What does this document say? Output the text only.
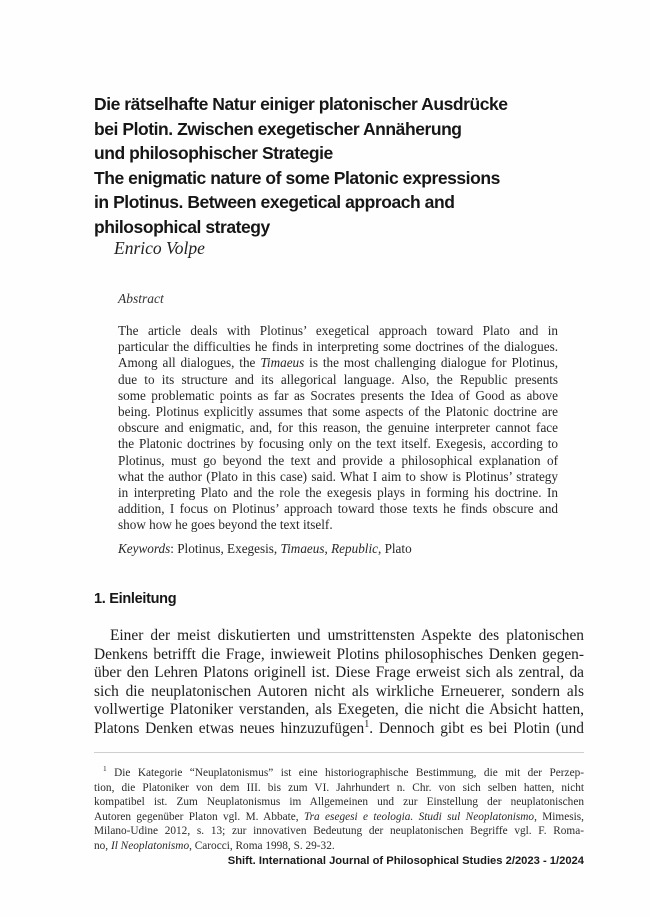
Die rätselhafte Natur einiger platonischer Ausdrücke
bei Plotin. Zwischen exegetischer Annäherung
und philosophischer Strategie
The enigmatic nature of some Platonic expressions
in Plotinus. Between exegetical approach and
philosophical strategy
Enrico Volpe
Abstract
The article deals with Plotinus’ exegetical approach toward Plato and in
particular the difficulties he finds in interpreting some doctrines of the dialogues.
Among all dialogues, the Timaeus is the most challenging dialogue for Plotinus,
due to its structure and its allegorical language. Also, the Republic presents
some problematic points as far as Socrates presents the Idea of Good as above
being. Plotinus explicitly assumes that some aspects of the Platonic doctrine are
obscure and enigmatic, and, for this reason, the genuine interpreter cannot face
the Platonic doctrines by focusing only on the text itself. Exegesis, according to
Plotinus, must go beyond the text and provide a philosophical explanation of
what the author (Plato in this case) said. What I aim to show is Plotinus’ strategy
in interpreting Plato and the role the exegesis plays in forming his doctrine. In
addition, I focus on Plotinus’ approach toward those texts he finds obscure and
show how he goes beyond the text itself.
Keywords: Plotinus, Exegesis, Timaeus, Republic, Plato
1. Einleitung
Einer der meist diskutierten und umstrittensten Aspekte des platonischen
Denkens betrifft die Frage, inwieweit Plotins philosophisches Denken gegen-
über den Lehren Platons originell ist. Diese Frage erweist sich als zentral, da
sich die neuplatonischen Autoren nicht als wirkliche Erneuerer, sondern als
vollwertige Platoniker verstanden, als Exegeten, die nicht die Absicht hatten,
Platons Denken etwas neues hinzuzufügen$^1$. Dennoch gibt es bei Plotin (und
$^1$ Die Kategorie “Neuplatonismus” ist eine historiographische Bestimmung, die mit der Perzep-
tion, die Platoniker von dem III. bis zum VI. Jahrhundert n. Chr. von sich selben hatten, nicht
kompatibel ist. Zum Neuplatonismus im Allgemeinen und zur Einstellung der neuplatonischen
Autoren gegenüber Platon vgl. M. Abbate, Tra esegesi e teologia. Studi sul Neoplatonismo, Mimesis,
Milano-Udine 2012, s. 13; zur innovativen Bedeutung der neuplatonischen Begriffe vgl. F. Roma-
no, Il Neoplatonismo, Carocci, Roma 1998, S. 29-32.
Shift. International Journal of Philosophical Studies 2/2023 - 1/2024
